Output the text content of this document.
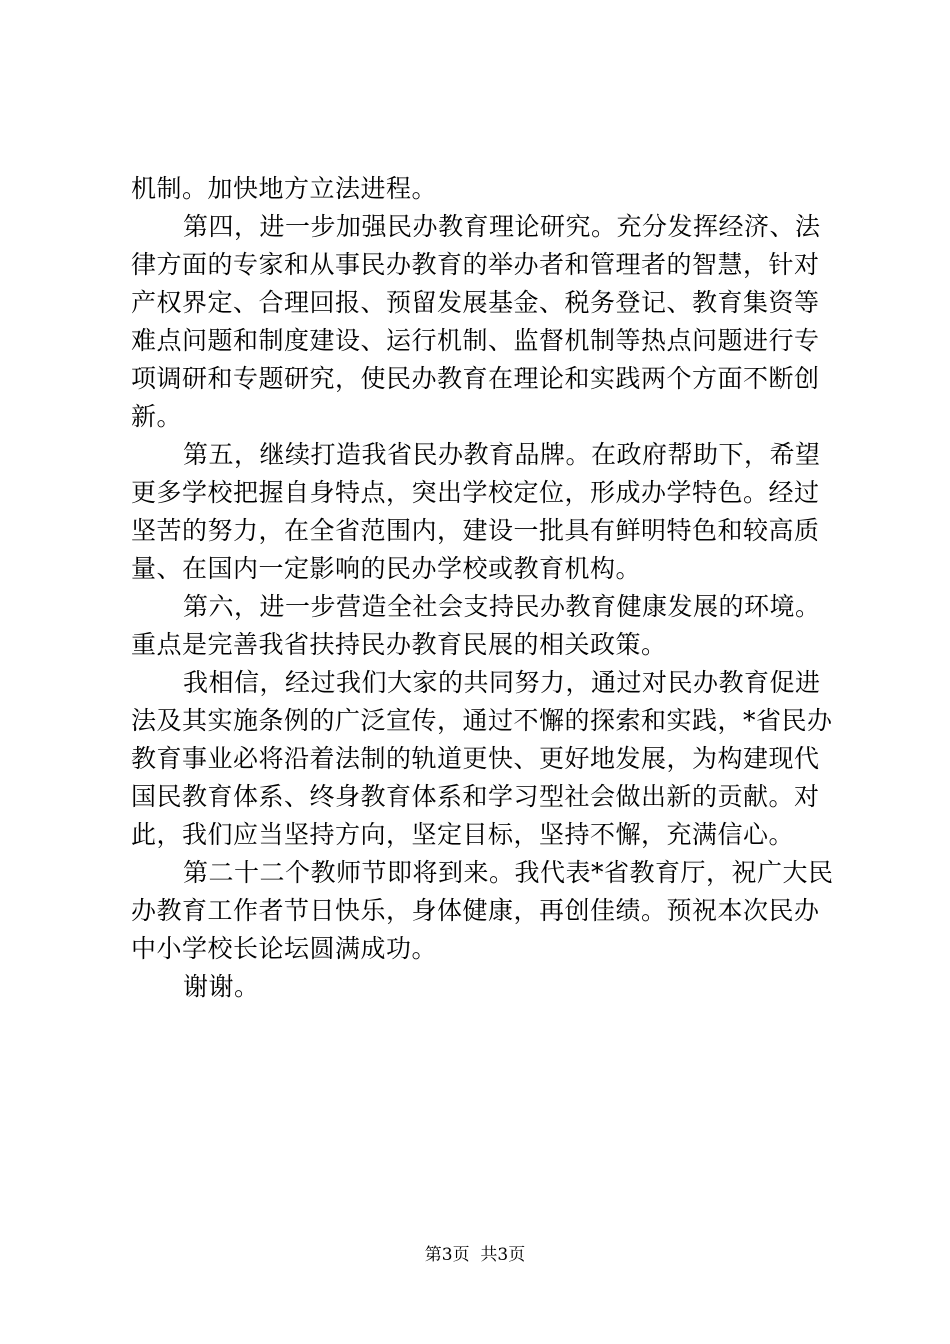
机制。加快地方立法进程。
第四，进一步加强民办教育理论研究。充分发挥经济、法
律方面的专家和从事民办教育的举办者和管理者的智慧，针对
产权界定、合理回报、预留发展基金、税务登记、教育集资等
难点问题和制度建设、运行机制、监督机制等热点问题进行专
项调研和专题研究，使民办教育在理论和实践两个方面不断创
新。
第五，继续打造我省民办教育品牌。在政府帮助下，希望
更多学校把握自身特点，突出学校定位，形成办学特色。经过
坚苦的努力，在全省范围内，建设一批具有鲜明特色和较高质
量、在国内一定影响的民办学校或教育机构。
第六，进一步营造全社会支持民办教育健康发展的环境。
重点是完善我省扶持民办教育民展的相关政策。
我相信，经过我们大家的共同努力，通过对民办教育促进
法及其实施条例的广泛宣传，通过不懈的探索和实践，*省民办
教育事业必将沿着法制的轨道更快、更好地发展，为构建现代
国民教育体系、终身教育体系和学习型社会做出新的贡献。对
此，我们应当坚持方向，坚定目标，坚持不懈，充满信心。
第二十二个教师节即将到来。我代表*省教育厅，祝广大民
办教育工作者节日快乐，身体健康，再创佳绩。预祝本次民办
中小学校长论坛圆满成功。
谢谢。
第3页  共3页
